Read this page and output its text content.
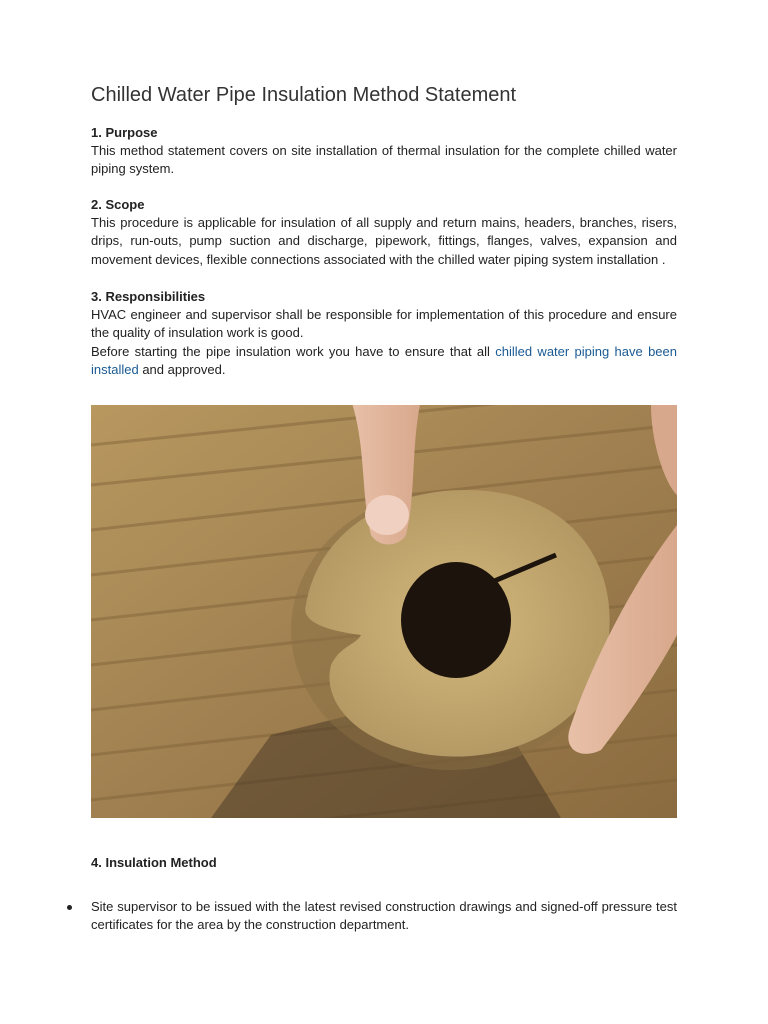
Chilled Water Pipe Insulation Method Statement

1. Purpose

This method statement covers on site installation of thermal insulation for the complete chilled water piping system.

2. Scope

This procedure is applicable for insulation of all supply and return mains, headers, branches, risers, drips, run-outs, pump suction and discharge, pipework, fittings, flanges, valves, expansion and movement devices, flexible connections associated with the chilled water piping system installation .

3. Responsibilities

HVAC engineer and supervisor shall be responsible for implementation of this procedure and ensure the quality of insulation work is good.

Before starting the pipe insulation work you have to ensure that all chilled water piping have been installed and approved.

4. Insulation Method

Site supervisor to be issued with the latest revised construction drawings and signed-off pressure test certificates for the area by the construction department.
